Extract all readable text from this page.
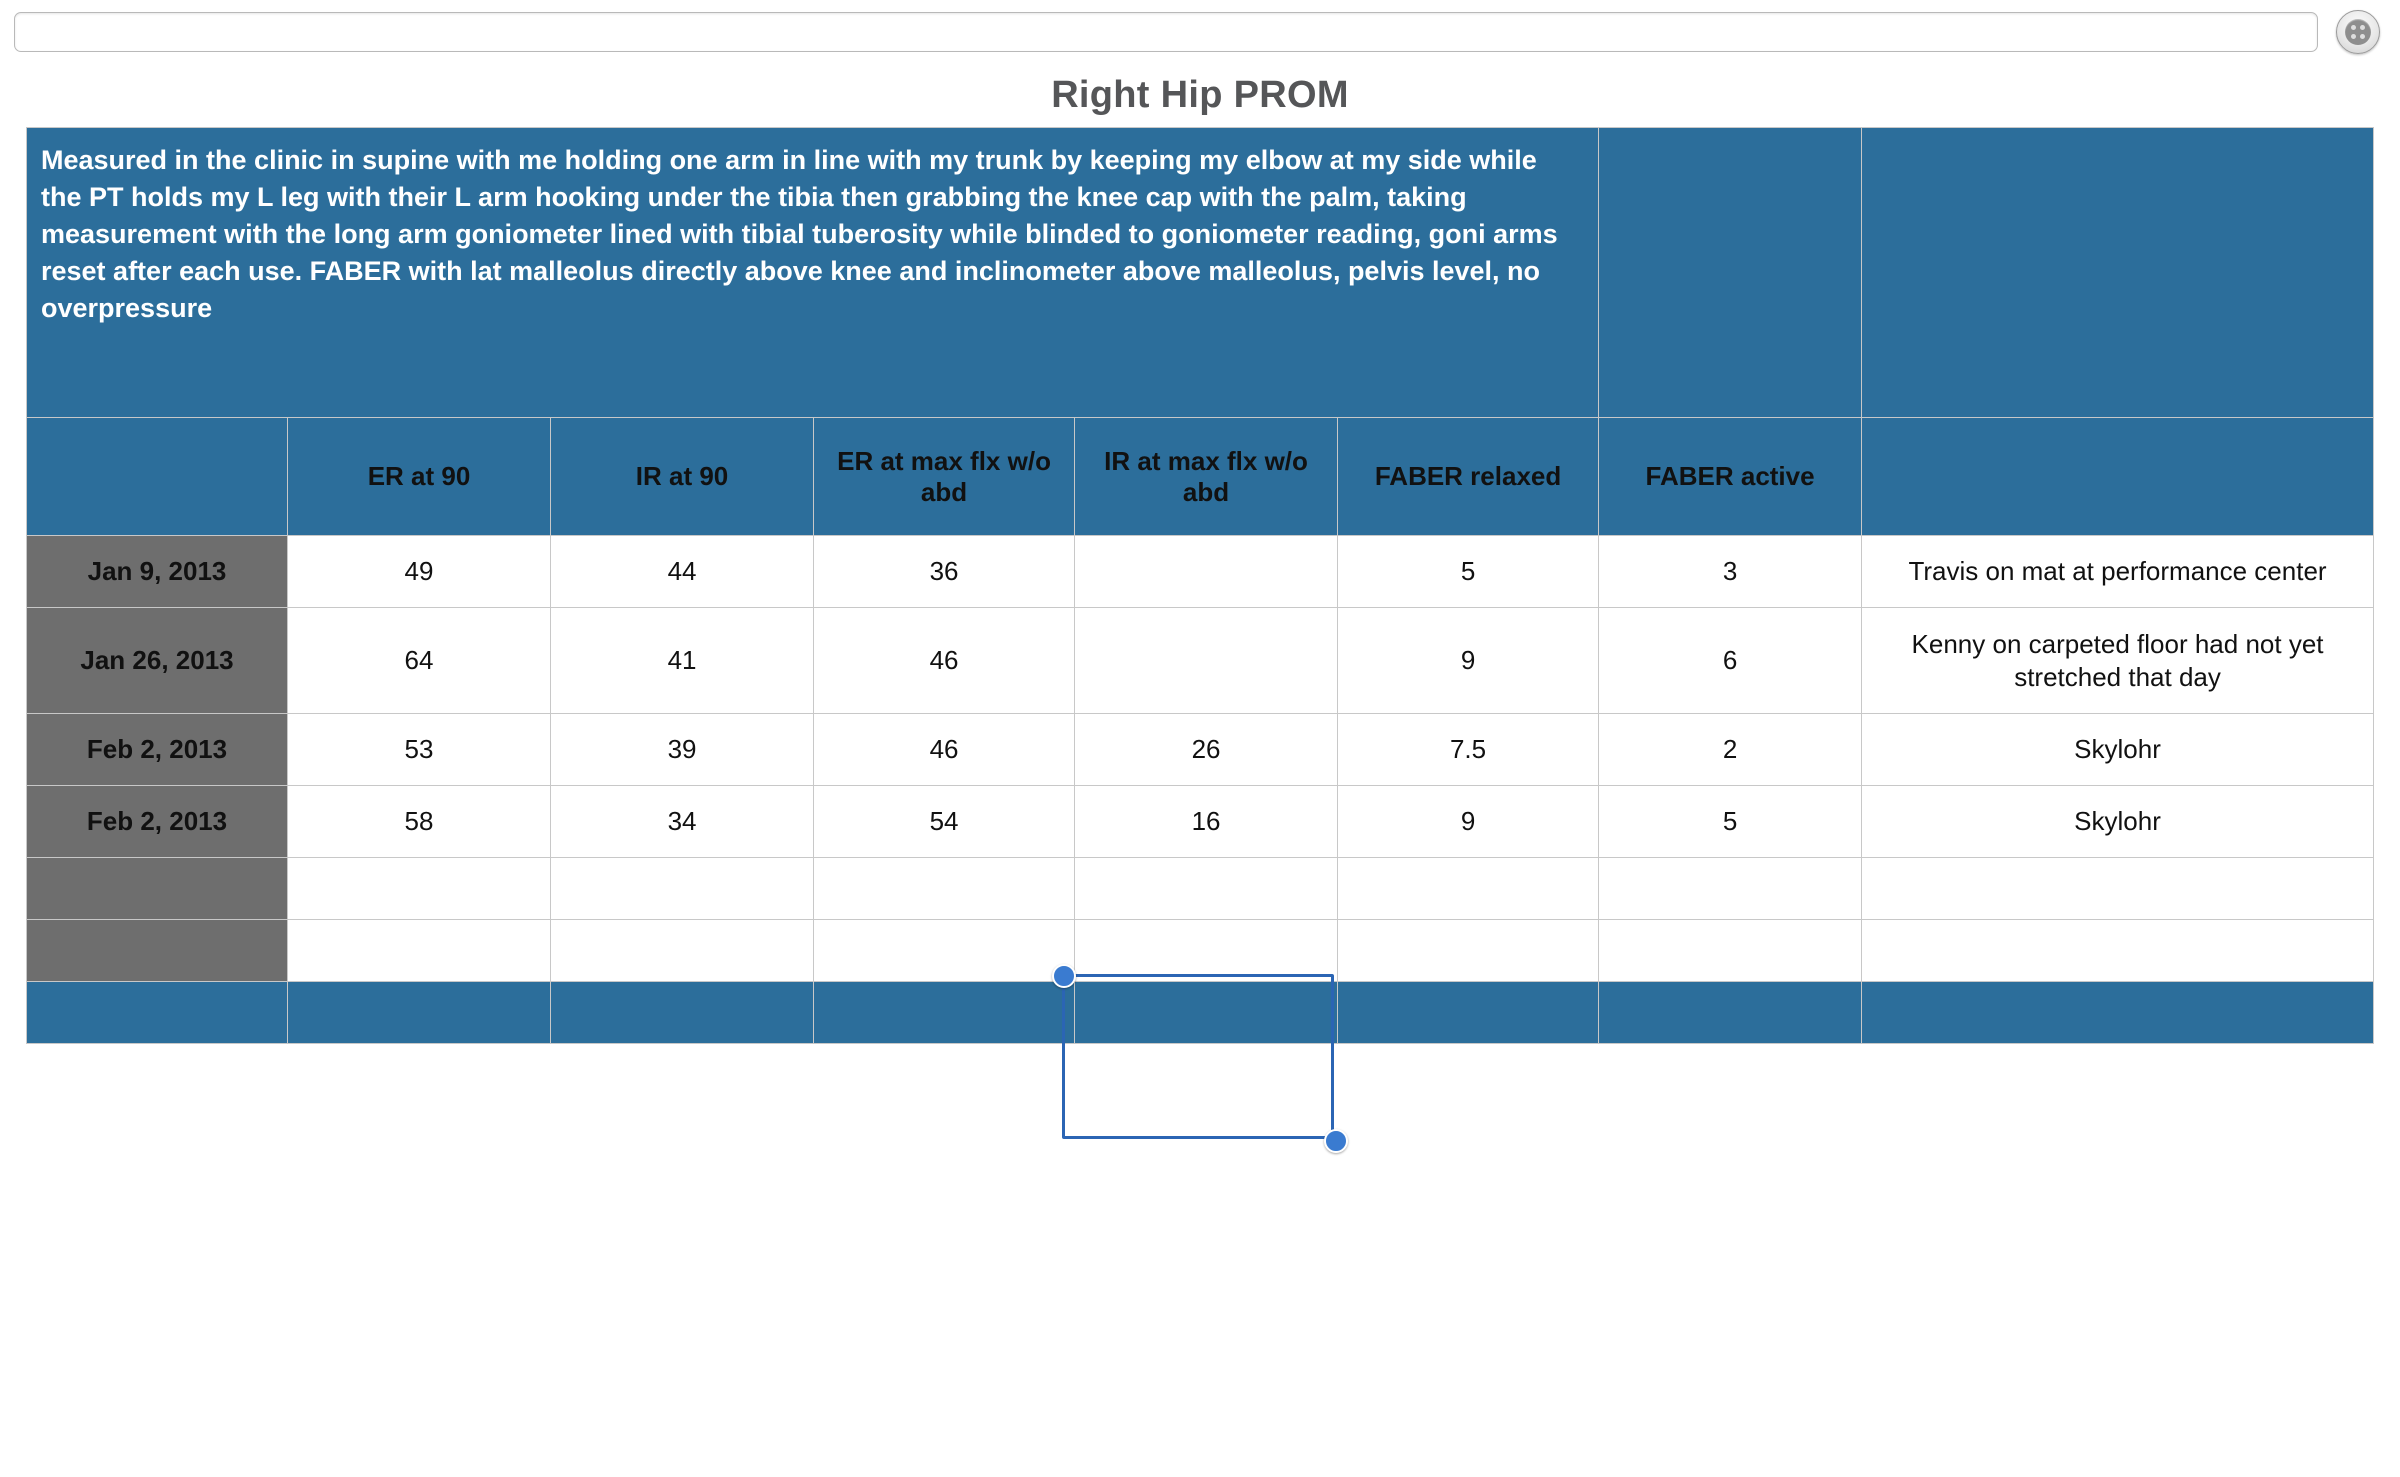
Right Hip PROM
Measured in the clinic in supine with me holding one arm in line with my trunk by keeping my elbow at my side while the PT holds my L leg with their L arm hooking under the tibia then grabbing the knee cap with the palm, taking measurement with the long arm goniometer lined with tibial tuberosity while blinded to goniometer reading, goni arms reset after each use. FABER with lat malleolus directly above knee and inclinometer above malleolus, pelvis level, no overpressure							
	ER at 90	IR at 90	ER at max flx w/o abd	IR at max flx w/o abd	FABER relaxed	FABER active	
Jan 9, 2013	49	44	36		5	3	Travis on mat at performance center
Jan 26, 2013	64	41	46		9	6	Kenny on carpeted floor had not yet stretched that day
Feb 2, 2013	53	39	46	26	7.5	2	Skylohr
Feb 2, 2013	58	34	54	16	9	5	Skylohr
